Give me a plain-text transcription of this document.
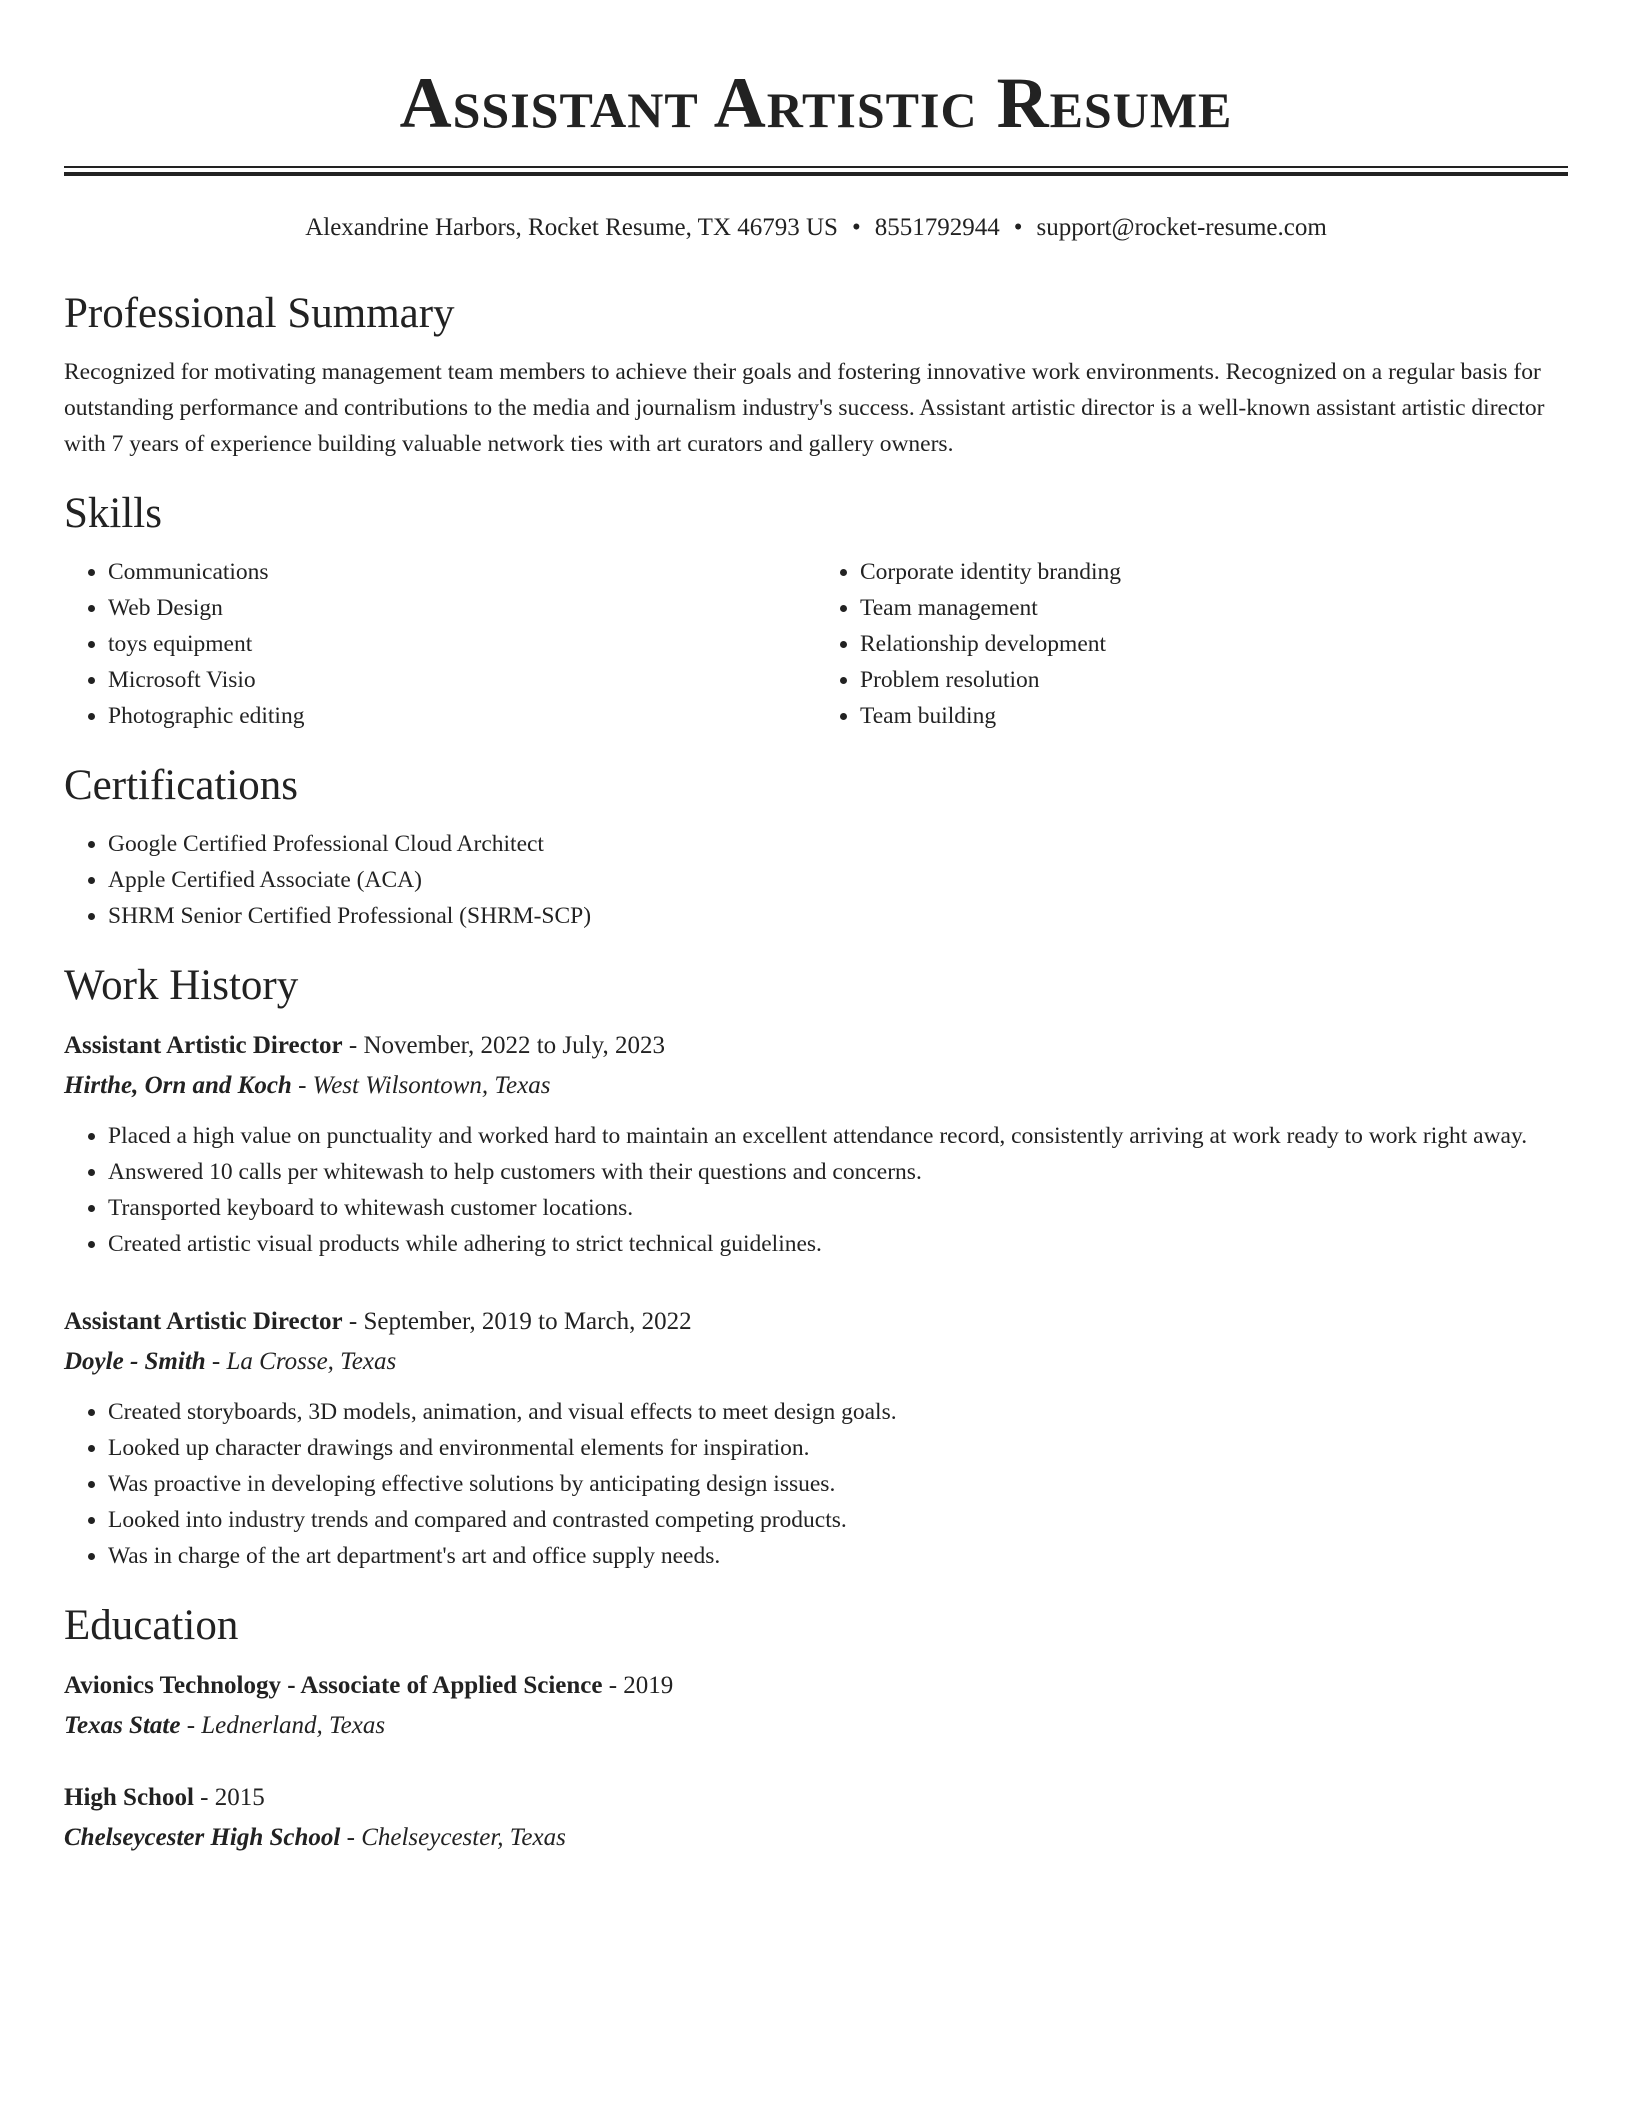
Assistant Artistic Resume
Alexandrine Harbors, Rocket Resume, TX 46793 US • 8551792944 • support@rocket-resume.com
Professional Summary
Recognized for motivating management team members to achieve their goals and fostering innovative work environments. Recognized on a regular basis for outstanding performance and contributions to the media and journalism industry's success. Assistant artistic director is a well-known assistant artistic director with 7 years of experience building valuable network ties with art curators and gallery owners.
Skills
• Communications
• Web Design
• toys equipment
• Microsoft Visio
• Photographic editing
• Corporate identity branding
• Team management
• Relationship development
• Problem resolution
• Team building
Certifications
• Google Certified Professional Cloud Architect
• Apple Certified Associate (ACA)
• SHRM Senior Certified Professional (SHRM-SCP)
Work History
Assistant Artistic Director - November, 2022 to July, 2023
Hirthe, Orn and Koch - West Wilsontown, Texas
• Placed a high value on punctuality and worked hard to maintain an excellent attendance record, consistently arriving at work ready to work right away.
• Answered 10 calls per whitewash to help customers with their questions and concerns.
• Transported keyboard to whitewash customer locations.
• Created artistic visual products while adhering to strict technical guidelines.
Assistant Artistic Director - September, 2019 to March, 2022
Doyle - Smith - La Crosse, Texas
• Created storyboards, 3D models, animation, and visual effects to meet design goals.
• Looked up character drawings and environmental elements for inspiration.
• Was proactive in developing effective solutions by anticipating design issues.
• Looked into industry trends and compared and contrasted competing products.
• Was in charge of the art department's art and office supply needs.
Education
Avionics Technology - Associate of Applied Science - 2019
Texas State - Lednerland, Texas
High School - 2015
Chelseycester High School - Chelseycester, Texas
